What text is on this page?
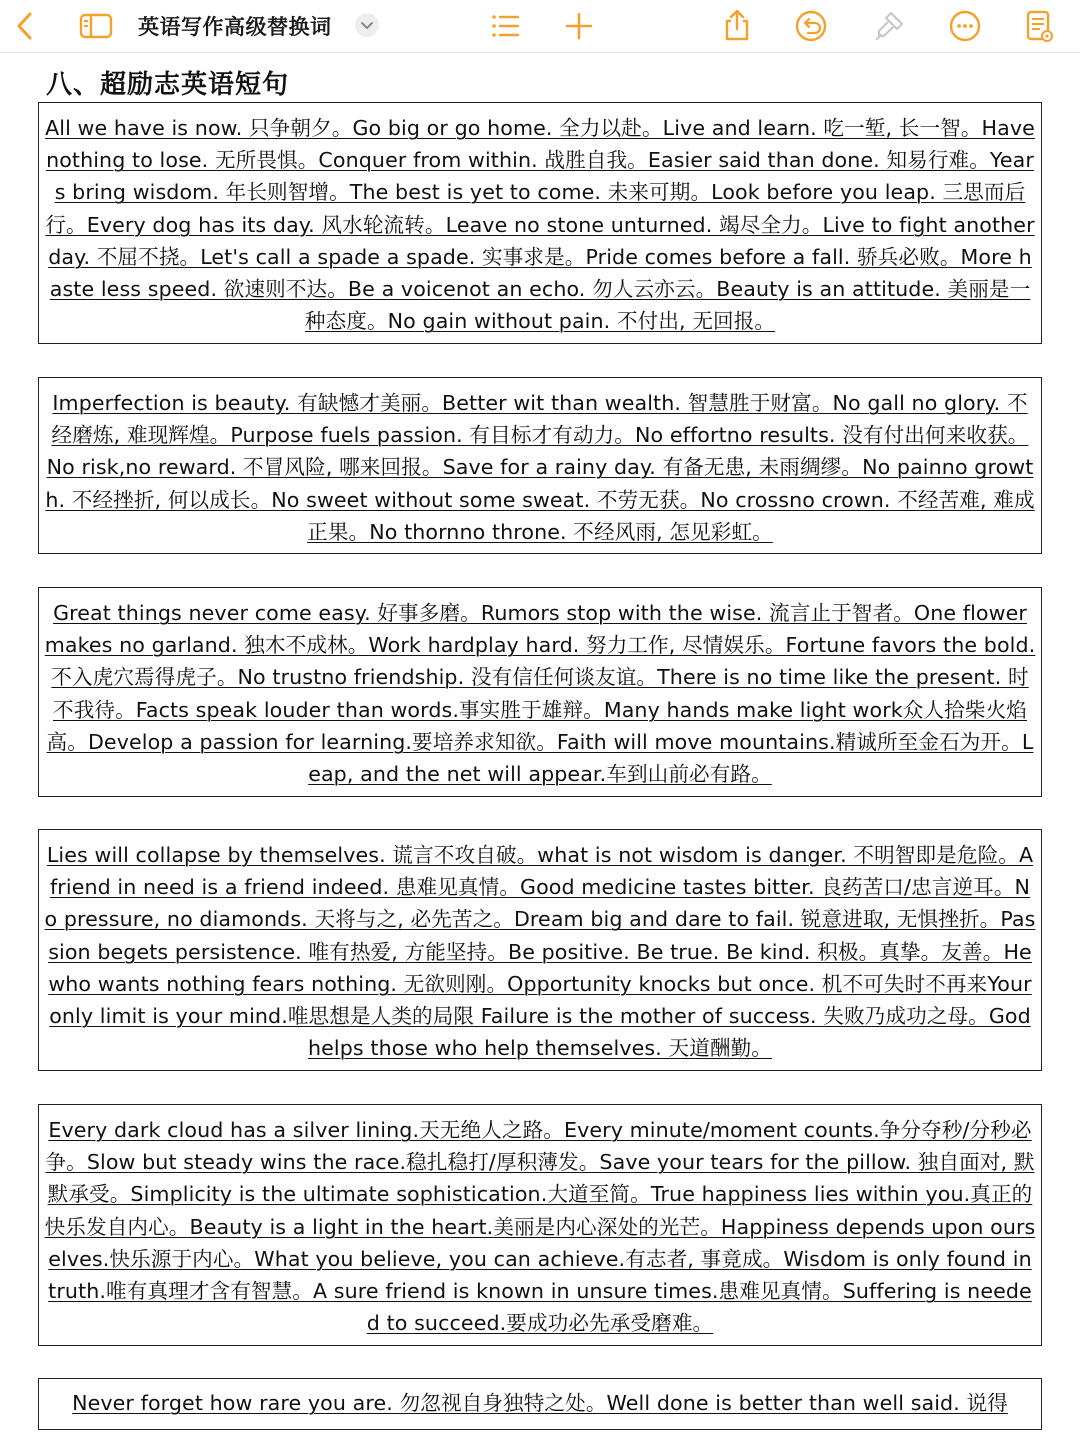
英语写作高级替换词
八、超励志英语短句

All we have is now. 只争朝夕。Go big or go home. 全力以赴。Live and learn. 吃一堑, 长一智。Have nothing to lose. 无所畏惧。Conquer from within. 战胜自我。Easier said than done. 知易行难。Years bring wisdom. 年长则智增。The best is yet to come. 未来可期。Look before you leap. 三思而后行。Every dog has its day. 风水轮流转。Leave no stone unturned. 竭尽全力。Live to fight another day. 不屈不挠。Let's call a spade a spade. 实事求是。Pride comes before a fall. 骄兵必败。More haste less speed. 欲速则不达。Be a voicenot an echo. 勿人云亦云。Beauty is an attitude. 美丽是一种态度。No gain without pain. 不付出, 无回报。

Imperfection is beauty. 有缺憾才美丽。Better wit than wealth. 智慧胜于财富。No gall no glory. 不经磨炼, 难现辉煌。Purpose fuels passion. 有目标才有动力。No effortno results. 没有付出何来收获。No risk,no reward. 不冒风险, 哪来回报。Save for a rainy day. 有备无患, 未雨绸缪。No painno growth. 不经挫折, 何以成长。No sweet without some sweat. 不劳无获。No crossno crown. 不经苦难, 难成正果。No thornno throne. 不经风雨, 怎见彩虹。

Great things never come easy. 好事多磨。Rumors stop with the wise. 流言止于智者。One flower makes no garland. 独木不成林。Work hardplay hard. 努力工作, 尽情娱乐。Fortune favors the bold. 不入虎穴焉得虎子。No trustno friendship. 没有信任何谈友谊。There is no time like the present. 时不我待。Facts speak louder than words.事实胜于雄辩。Many hands make light work众人拾柴火焰高。Develop a passion for learning.要培养求知欲。Faith will move mountains.精诚所至金石为开。Leap, and the net will appear.车到山前必有路。

Lies will collapse by themselves. 谎言不攻自破。what is not wisdom is danger. 不明智即是危险。A friend in need is a friend indeed. 患难见真情。Good medicine tastes bitter. 良药苦口/忠言逆耳。No pressure, no diamonds. 天将与之, 必先苦之。Dream big and dare to fail. 锐意进取, 无惧挫折。Passion begets persistence. 唯有热爱, 方能坚持。Be positive. Be true. Be kind. 积极。真挚。友善。He who wants nothing fears nothing. 无欲则刚。Opportunity knocks but once. 机不可失时不再来Your only limit is your mind.唯思想是人类的局限 Failure is the mother of success. 失败乃成功之母。God helps those who help themselves. 天道酬勤。

Every dark cloud has a silver lining.天无绝人之路。Every minute/moment counts.争分夺秒/分秒必争。Slow but steady wins the race.稳扎稳打/厚积薄发。Save your tears for the pillow. 独自面对, 默默承受。Simplicity is the ultimate sophistication.大道至简。True happiness lies within you.真正的快乐发自内心。Beauty is a light in the heart.美丽是内心深处的光芒。Happiness depends upon ourselves.快乐源于内心。What you believe, you can achieve.有志者, 事竟成。Wisdom is only found in truth.唯有真理才含有智慧。A sure friend is known in unsure times.患难见真情。Suffering is needed to succeed.要成功必先承受磨难。

Never forget how rare you are. 勿忽视自身独特之处。Well done is better than well said. 说得
